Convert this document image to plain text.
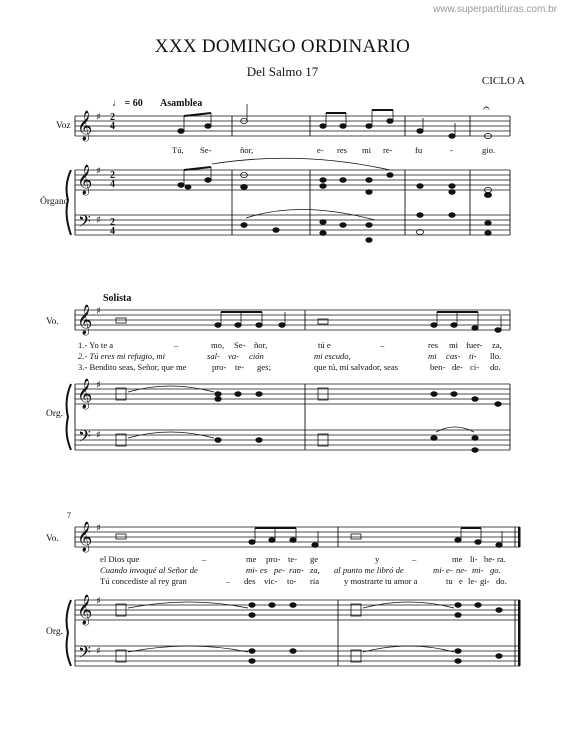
www.superpartituras.com.br
XXX DOMINGO ORDINARIO
Del Salmo 17
CICLO A
♩ = 60 Asamblea
Solista
7
Voz
Órgano
Vo.
Org.
Vo.
Org.
2
4
2
4
2
4
𝄞
𝄞
𝄢
𝄞
𝄞
𝄢
𝄞
𝄞
𝄢
♯
♯
♯
♯
♯
♯
♯
♯
♯
𝄐
Tú, Se-	ñor,	e- res mi re-	fu	-	gio.
1.- Yo te a	–	mo, Se- ñor,	tú e	–	res mi fuer- za,
2.- Tú eres mi refugio, mi	sal- va- ción	mi escudo,	mi cas- ti- llo.
3.- Bendito seas, Señor, que me	pro- te- ges;	que tú, mi salvador, seas	ben- de- ci- do.
el Dios que	–	me pro- te- ge	y	–	me li- be- ra.
Cuando invoqué al Señor de	mi- es pe- ran- za, al punto me libró de	mi- e- ne- mi- go.
Tú concediste al rey gran	– des vic- to- ria	y mostrarte tu amor a	tu e le- gi- do.
